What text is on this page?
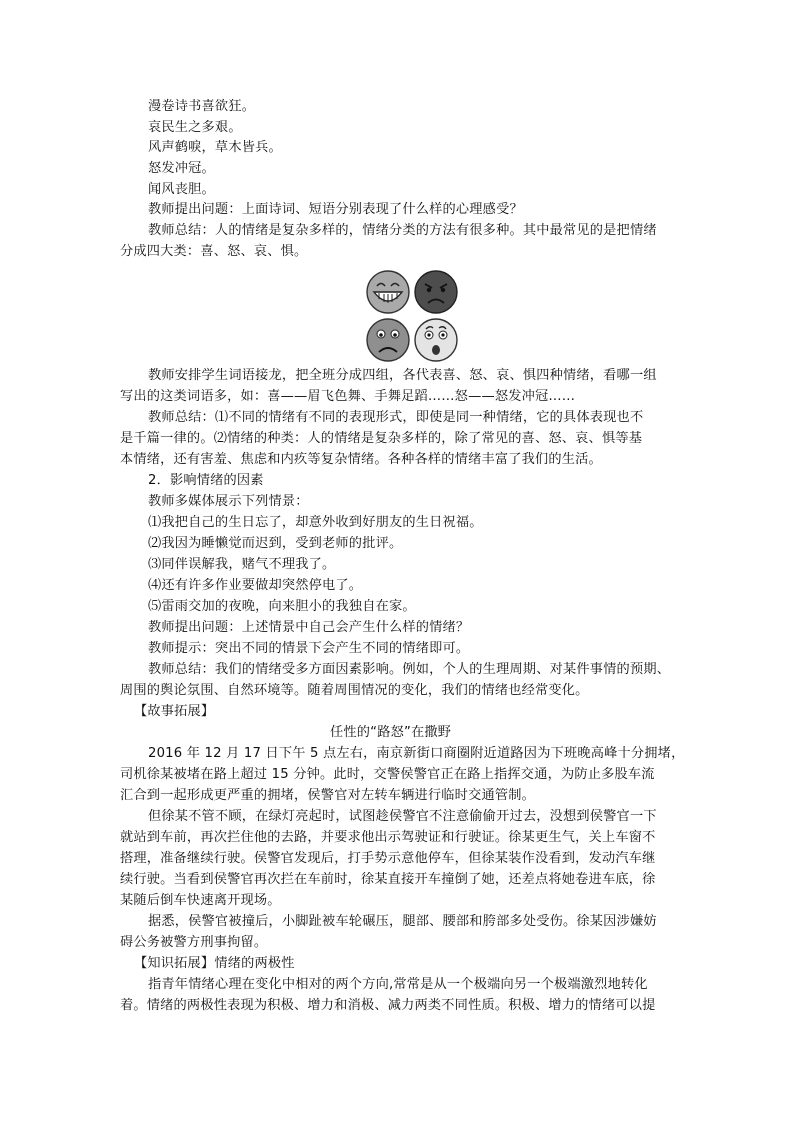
漫卷诗书喜欲狂。
哀民生之多艰。
风声鹤唳，草木皆兵。
怒发冲冠。
闻风丧胆。
教师提出问题：上面诗词、短语分别表现了什么样的心理感受？
教师总结：人的情绪是复杂多样的，情绪分类的方法有很多种。其中最常见的是把情绪
分成四大类：喜、怒、哀、惧。
教师安排学生词语接龙，把全班分成四组，各代表喜、怒、哀、惧四种情绪，看哪一组
写出的这类词语多，如：喜——眉飞色舞、手舞足蹈……怒——怒发冲冠……
教师总结：⑴不同的情绪有不同的表现形式，即使是同一种情绪，它的具体表现也不
是千篇一律的。⑵情绪的种类：人的情绪是复杂多样的，除了常见的喜、怒、哀、惧等基
本情绪，还有害羞、焦虑和内疚等复杂情绪。各种各样的情绪丰富了我们的生活。
2．影响情绪的因素
教师多媒体展示下列情景：
⑴我把自己的生日忘了，却意外收到好朋友的生日祝福。
⑵我因为睡懒觉而迟到，受到老师的批评。
⑶同伴误解我，赌气不理我了。
⑷还有许多作业要做却突然停电了。
⑸雷雨交加的夜晚，向来胆小的我独自在家。
教师提出问题：上述情景中自己会产生什么样的情绪？
教师提示：突出不同的情景下会产生不同的情绪即可。
教师总结：我们的情绪受多方面因素影响。例如，个人的生理周期、对某件事情的预期、
周围的舆论氛围、自然环境等。随着周围情况的变化，我们的情绪也经常变化。
【故事拓展】
任性的“路怒”在撒野
2016 年 12 月 17 日下午 5 点左右，南京新街口商圈附近道路因为下班晚高峰十分拥堵，
司机徐某被堵在路上超过 15 分钟。此时，交警侯警官正在路上指挥交通，为防止多股车流
汇合到一起形成更严重的拥堵，侯警官对左转车辆进行临时交通管制。
但徐某不管不顾，在绿灯亮起时，试图趁侯警官不注意偷偷开过去，没想到侯警官一下
就站到车前，再次拦住他的去路，并要求他出示驾驶证和行驶证。徐某更生气，关上车窗不
搭理，准备继续行驶。侯警官发现后，打手势示意他停车，但徐某装作没看到，发动汽车继
续行驶。当看到侯警官再次拦在车前时，徐某直接开车撞倒了她，还差点将她卷进车底，徐
某随后倒车快速离开现场。
据悉，侯警官被撞后，小脚趾被车轮碾压，腿部、腰部和胯部多处受伤。徐某因涉嫌妨
碍公务被警方刑事拘留。
【知识拓展】情绪的两极性
指青年情绪心理在变化中相对的两个方向,常常是从一个极端向另一个极端激烈地转化
着。情绪的两极性表现为积极、增力和消极、减力两类不同性质。积极、增力的情绪可以提
